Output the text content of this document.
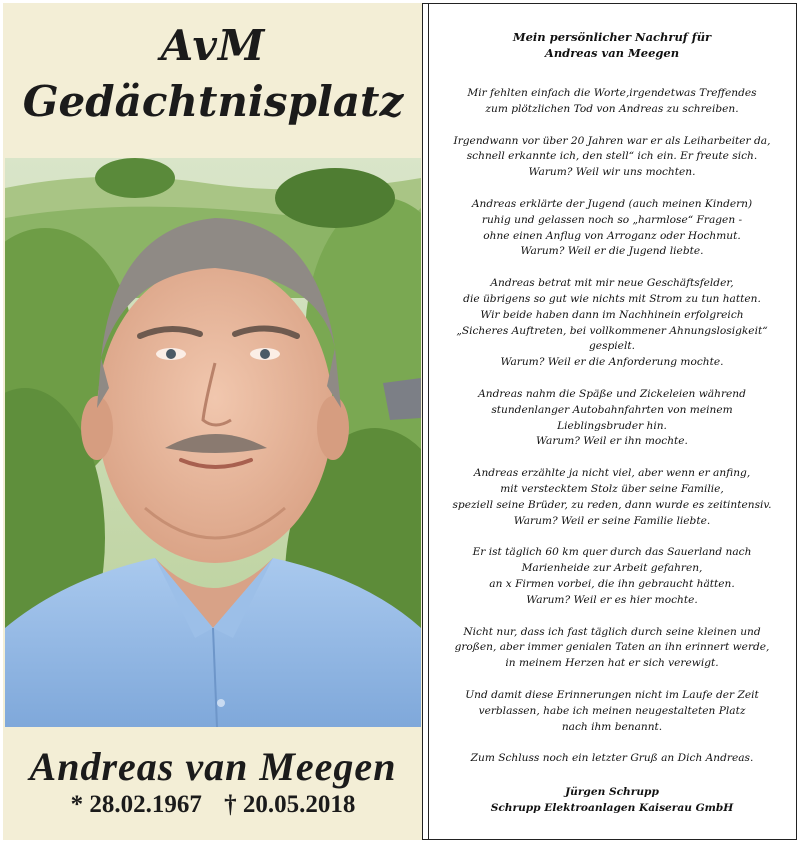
AvM
Gedächtnisplatz
Andreas van Meegen
* 28.02.1967 † 20.05.2018
Mein persönlicher Nachruf für
Andreas van Meegen

Mir fehlten einfach die Worte,irgendetwas Treffendes
zum plötzlichen Tod von Andreas zu schreiben.

Irgendwann vor über 20 Jahren war er als Leiharbeiter da,
schnell erkannte ich, den stell“ ich ein. Er freute sich.
Warum? Weil wir uns mochten.

Andreas erklärte der Jugend (auch meinen Kindern)
ruhig und gelassen noch so „harmlose“ Fragen -
ohne einen Anflug von Arroganz oder Hochmut.
Warum? Weil er die Jugend liebte.

Andreas betrat mit mir neue Geschäftsfelder,
die übrigens so gut wie nichts mit Strom zu tun hatten.
Wir beide haben dann im Nachhinein erfolgreich
„Sicheres Auftreten, bei vollkommener Ahnungslosigkeit“
gespielt.
Warum? Weil er die Anforderung mochte.

Andreas nahm die Späße und Zickeleien während
stundenlanger Autobahnfahrten von meinem
Lieblingsbruder hin.
Warum? Weil er ihn mochte.

Andreas erzählte ja nicht viel, aber wenn er anfing,
mit verstecktem Stolz über seine Familie,
speziell seine Brüder, zu reden, dann wurde es zeitintensiv.
Warum? Weil er seine Familie liebte.

Er ist täglich 60 km quer durch das Sauerland nach
Marienheide zur Arbeit gefahren,
an x Firmen vorbei, die ihn gebraucht hätten.
Warum? Weil er es hier mochte.

Nicht nur, dass ich fast täglich durch seine kleinen und
großen, aber immer genialen Taten an ihn erinnert werde,
in meinem Herzen hat er sich verewigt.

Und damit diese Erinnerungen nicht im Laufe der Zeit
verblassen, habe ich meinen neugestalteten Platz
nach ihm benannt.

Zum Schluss noch ein letzter Gruß an Dich Andreas.

Jürgen Schrupp
Schrupp Elektroanlagen Kaiserau GmbH
